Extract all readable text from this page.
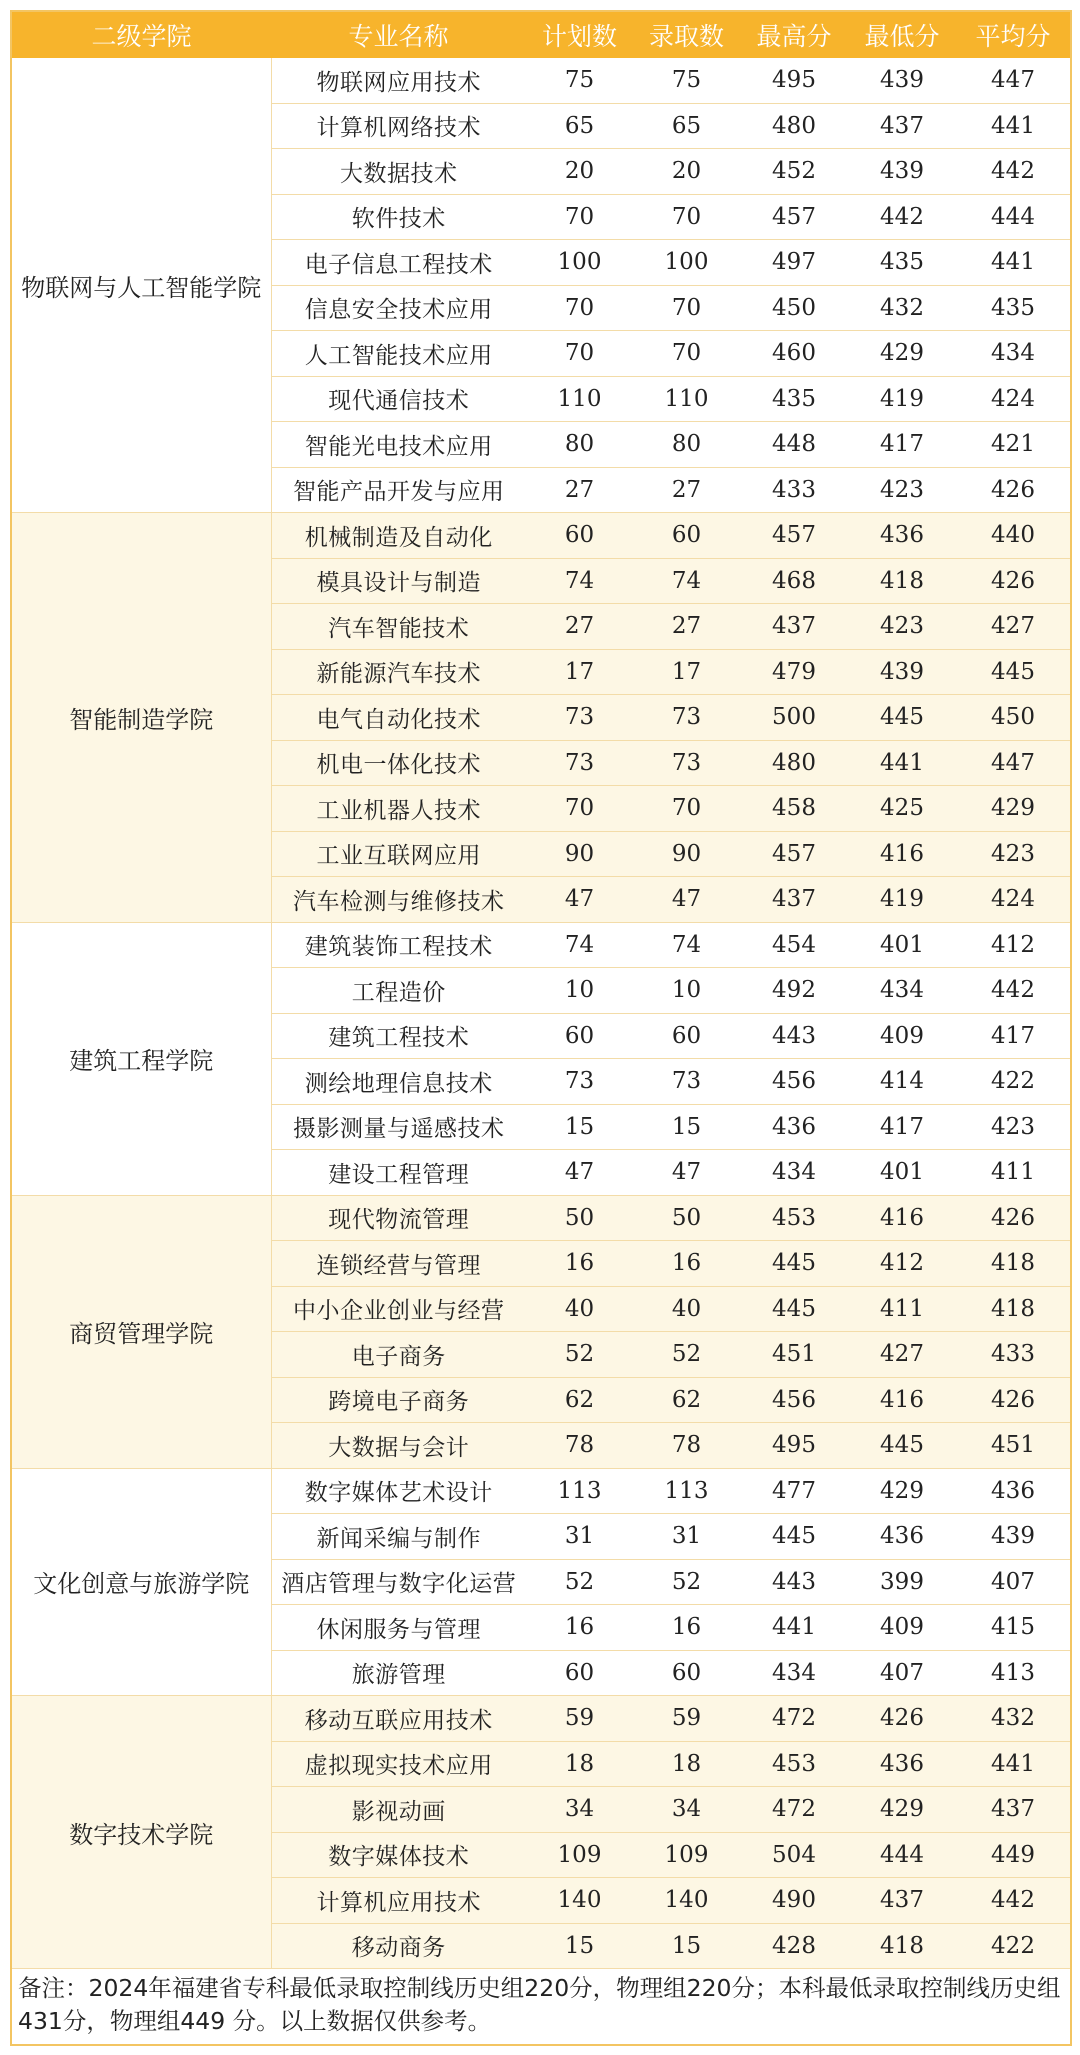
二级学院	专业名称	计划数	录取数	最高分	最低分	平均分
物联网与人工智能学院	物联网应用技术	75	75	495	439	447
	计算机网络技术	65	65	480	437	441
	大数据技术	20	20	452	439	442
	软件技术	70	70	457	442	444
	电子信息工程技术	100	100	497	435	441
	信息安全技术应用	70	70	450	432	435
	人工智能技术应用	70	70	460	429	434
	现代通信技术	110	110	435	419	424
	智能光电技术应用	80	80	448	417	421
	智能产品开发与应用	27	27	433	423	426
智能制造学院	机械制造及自动化	60	60	457	436	440
	模具设计与制造	74	74	468	418	426
	汽车智能技术	27	27	437	423	427
	新能源汽车技术	17	17	479	439	445
	电气自动化技术	73	73	500	445	450
	机电一体化技术	73	73	480	441	447
	工业机器人技术	70	70	458	425	429
	工业互联网应用	90	90	457	416	423
	汽车检测与维修技术	47	47	437	419	424
建筑工程学院	建筑装饰工程技术	74	74	454	401	412
	工程造价	10	10	492	434	442
	建筑工程技术	60	60	443	409	417
	测绘地理信息技术	73	73	456	414	422
	摄影测量与遥感技术	15	15	436	417	423
	建设工程管理	47	47	434	401	411
商贸管理学院	现代物流管理	50	50	453	416	426
	连锁经营与管理	16	16	445	412	418
	中小企业创业与经营	40	40	445	411	418
	电子商务	52	52	451	427	433
	跨境电子商务	62	62	456	416	426
	大数据与会计	78	78	495	445	451
文化创意与旅游学院	数字媒体艺术设计	113	113	477	429	436
	新闻采编与制作	31	31	445	436	439
	酒店管理与数字化运营	52	52	443	399	407
	休闲服务与管理	16	16	441	409	415
	旅游管理	60	60	434	407	413
数字技术学院	移动互联应用技术	59	59	472	426	432
	虚拟现实技术应用	18	18	453	436	441
	影视动画	34	34	472	429	437
	数字媒体技术	109	109	504	444	449
	计算机应用技术	140	140	490	437	442
	移动商务	15	15	428	418	422
备注：2024年福建省专科最低录取控制线历史组220分，物理组220分；本科最低录取控制线历史组 431分，物理组449 分。以上数据仅供参考。
